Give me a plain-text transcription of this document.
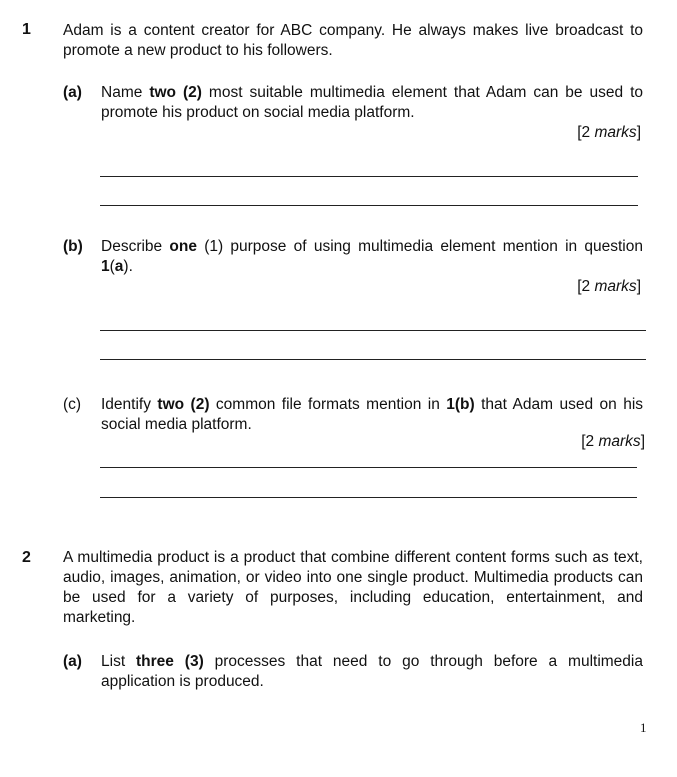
1 Adam is a content creator for ABC company. He always makes live broadcast to promote a new product to his followers.
(a) Name two (2) most suitable multimedia element that Adam can be used to promote his product on social media platform.
[2 marks]
(b) Describe one (1) purpose of using multimedia element mention in question 1(a).
[2 marks]
(c) Identify two (2) common file formats mention in 1(b) that Adam used on his social media platform.
[2 marks]
2 A multimedia product is a product that combine different content forms such as text, audio, images, animation, or video into one single product. Multimedia products can be used for a variety of purposes, including education, entertainment, and marketing.
(a) List three (3) processes that need to go through before a multimedia application is produced.
1
